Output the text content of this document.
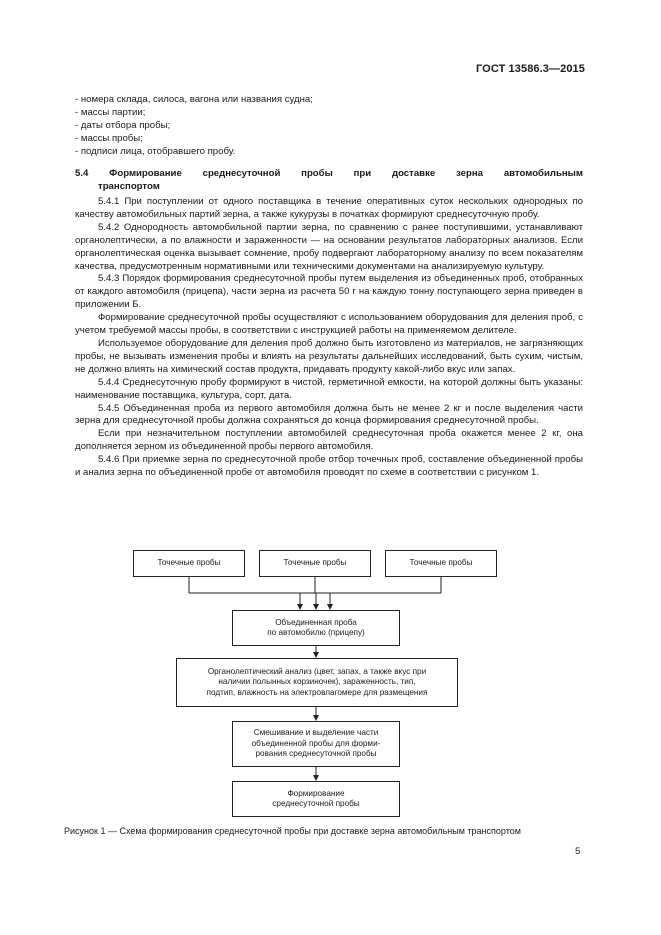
ГОСТ 13586.3—2015
- номера склада, силоса, вагона или названия судна;
- массы партии;
- даты отбора пробы;
- массы пробы;
- подписи лица, отобравшего пробу.
5.4 Формирование среднесуточной пробы при доставке зерна автомобильным
транспортом

5.4.1 При поступлении от одного поставщика в течение оперативных суток нескольких однородных по качеству автомобильных партий зерна, а также кукурузы в початках формируют среднесуточную пробу.

5.4.2 Однородность автомобильной партии зерна, по сравнению с ранее поступившими, устанавливают органолептически, а по влажности и зараженности — на основании результатов лабораторных анализов. Если органолептическая оценка вызывает сомнение, пробу подвергают лабораторному анализу по всем показателям качества, предусмотренным нормативными или техническими документами на анализируемую культуру.

5.4.3 Порядок формирования среднесуточной пробы путем выделения из объединенных проб, отобранных от каждого автомобиля (прицепа), части зерна из расчета 50 г на каждую тонну поступающего зерна приведен в приложении Б.

Формирование среднесуточной пробы осуществляют с использованием оборудования для деления проб, с учетом требуемой массы пробы, в соответствии с инструкцией работы на применяемом делителе.

Используемое оборудование для деления проб должно быть изготовлено из материалов, не загрязняющих пробы, не вызывать изменения пробы и влиять на результаты дальнейших исследований, быть сухим, чистым, не должно влиять на химический состав продукта, придавать продукту какой-либо вкус или запах.

5.4.4 Среднесуточную пробу формируют в чистой, герметичной емкости, на которой должны быть указаны: наименование поставщика, культура, сорт, дата.

5.4.5 Объединенная проба из первого автомобиля должна быть не менее 2 кг и после выделения части зерна для среднесуточной пробы должна сохраняться до конца формирования среднесуточной пробы.

Если при незначительном поступлении автомобилей среднесуточная проба окажется менее 2 кг, она дополняется зерном из объединенной пробы первого автомобиля.

5.4.6 При приемке зерна по среднесуточной пробе отбор точечных проб, составление объединенной пробы и анализ зерна по объединенной пробе от автомобиля проводят по схеме в соответствии с рисунком 1.

Точечные пробы	Точечные пробы	Точечные пробы
Объединенная проба
по автомобилю (прицепу)
Органолептический анализ (цвет, запах, а также вкус при
наличии полынных корзиночек), зараженность, тип,
подтип, влажность на электровлагомере для размещения
Смешивание и выделение части
объединенной пробы для форми-
рования среднесуточной пробы
Формирование
среднесуточной пробы
Рисунок 1 — Схема формирования среднесуточной пробы при доставке зерна автомобильным транспортом
5
